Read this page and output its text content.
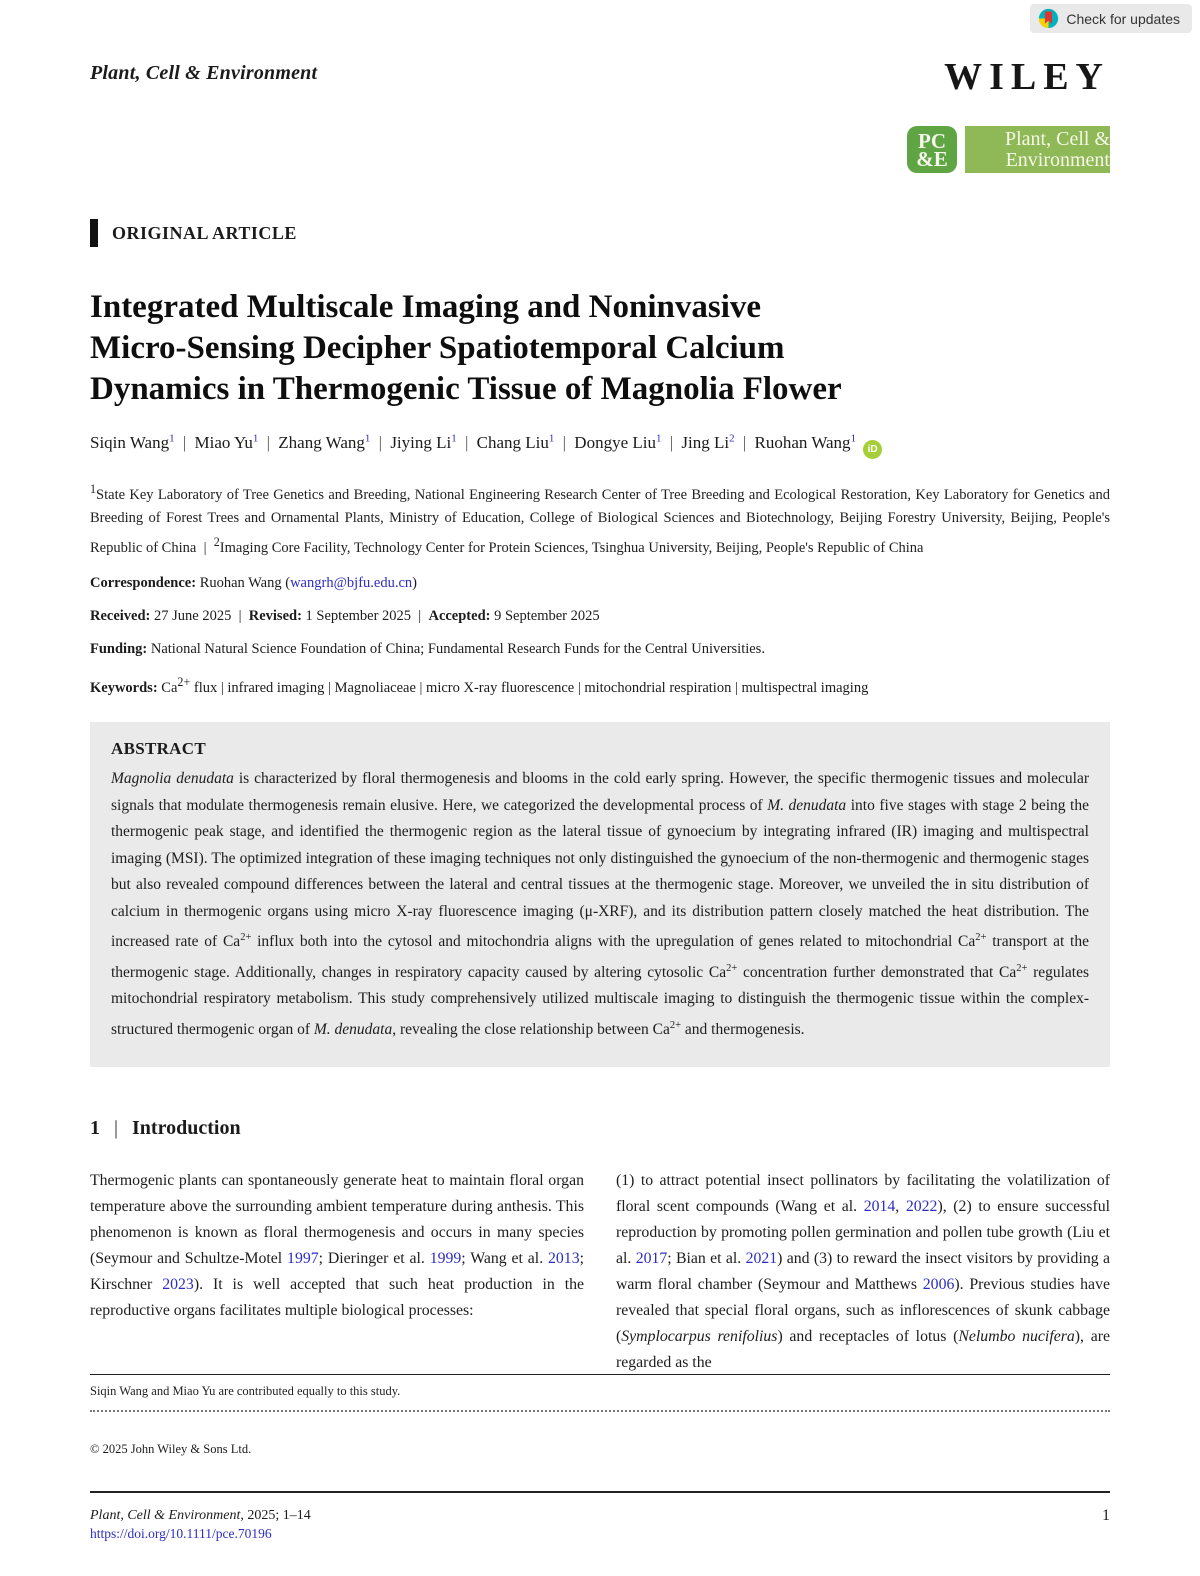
Check for updates
Plant, Cell & Environment	WILEY
PC
&E
Plant, Cell &
Environment
ORIGINAL ARTICLE
Integrated Multiscale Imaging and Noninvasive
Micro-Sensing Decipher Spatiotemporal Calcium
Dynamics in Thermogenic Tissue of Magnolia Flower
Siqin Wang$^1$ | Miao Yu$^1$ | Zhang Wang$^1$ | Jiying Li$^1$ | Chang Liu$^1$ | Dongye Liu$^1$ | Jing Li$^2$ | Ruohan Wang$^1$iD
$^1$State Key Laboratory of Tree Genetics and Breeding, National Engineering Research Center of Tree Breeding and Ecological Restoration, Key Laboratory for Genetics and Breeding of Forest Trees and Ornamental Plants, Ministry of Education, College of Biological Sciences and Biotechnology, Beijing Forestry University, Beijing, People's Republic of China  |  $^2$Imaging Core Facility, Technology Center for Protein Sciences, Tsinghua University, Beijing, People's Republic of China
Correspondence: Ruohan Wang (wangrh@bjfu.edu.cn)
Received: 27 June 2025  |  Revised: 1 September 2025  |  Accepted: 9 September 2025
Funding: National Natural Science Foundation of China; Fundamental Research Funds for the Central Universities.
Keywords: $Ca^{2+}$ flux | infrared imaging | Magnoliaceae | micro X-ray fluorescence | mitochondrial respiration | multispectral imaging
ABSTRACT
Magnolia denudata is characterized by floral thermogenesis and blooms in the cold early spring. However, the specific thermogenic tissues and molecular signals that modulate thermogenesis remain elusive. Here, we categorized the developmental process of M. denudata into five stages with stage 2 being the thermogenic peak stage, and identified the thermogenic region as the lateral tissue of gynoecium by integrating infrared (IR) imaging and multispectral imaging (MSI). The optimized integration of these imaging techniques not only distinguished the gynoecium of the non-thermogenic and thermogenic stages but also revealed compound differences between the lateral and central tissues at the thermogenic stage. Moreover, we unveiled the in situ distribution of calcium in thermogenic organs using micro X-ray fluorescence imaging (μ-XRF), and its distribution pattern closely matched the heat distribution. The increased rate of $Ca^{2+}$ influx both into the cytosol and mitochondria aligns with the upregulation of genes related to mitochondrial $Ca^{2+}$ transport at the thermogenic stage. Additionally, changes in respiratory capacity caused by altering cytosolic $Ca^{2+}$ concentration further demonstrated that $Ca^{2+}$ regulates mitochondrial respiratory metabolism. This study comprehensively utilized multiscale imaging to distinguish the thermogenic tissue within the complex-structured thermogenic organ of M. denudata, revealing the close relationship between $Ca^{2+}$ and thermogenesis.
1 | Introduction
Thermogenic plants can spontaneously generate heat to maintain floral organ temperature above the surrounding ambient temperature during anthesis. This phenomenon is known as floral thermogenesis and occurs in many species (Seymour and Schultze-Motel 1997; Dieringer et al. 1999; Wang et al. 2013; Kirschner 2023). It is well accepted that such heat production in the reproductive organs facilitates multiple biological processes:
(1) to attract potential insect pollinators by facilitating the volatilization of floral scent compounds (Wang et al. 2014, 2022), (2) to ensure successful reproduction by promoting pollen germination and pollen tube growth (Liu et al. 2017; Bian et al. 2021) and (3) to reward the insect visitors by providing a warm floral chamber (Seymour and Matthews 2006). Previous studies have revealed that special floral organs, such as inflorescences of skunk cabbage (Symplocarpus renifolius) and receptacles of lotus (Nelumbo nucifera), are regarded as the
Siqin Wang and Miao Yu are contributed equally to this study.
© 2025 John Wiley & Sons Ltd.
Plant, Cell & Environment, 2025; 1–14
https://doi.org/10.1111/pce.70196
1
